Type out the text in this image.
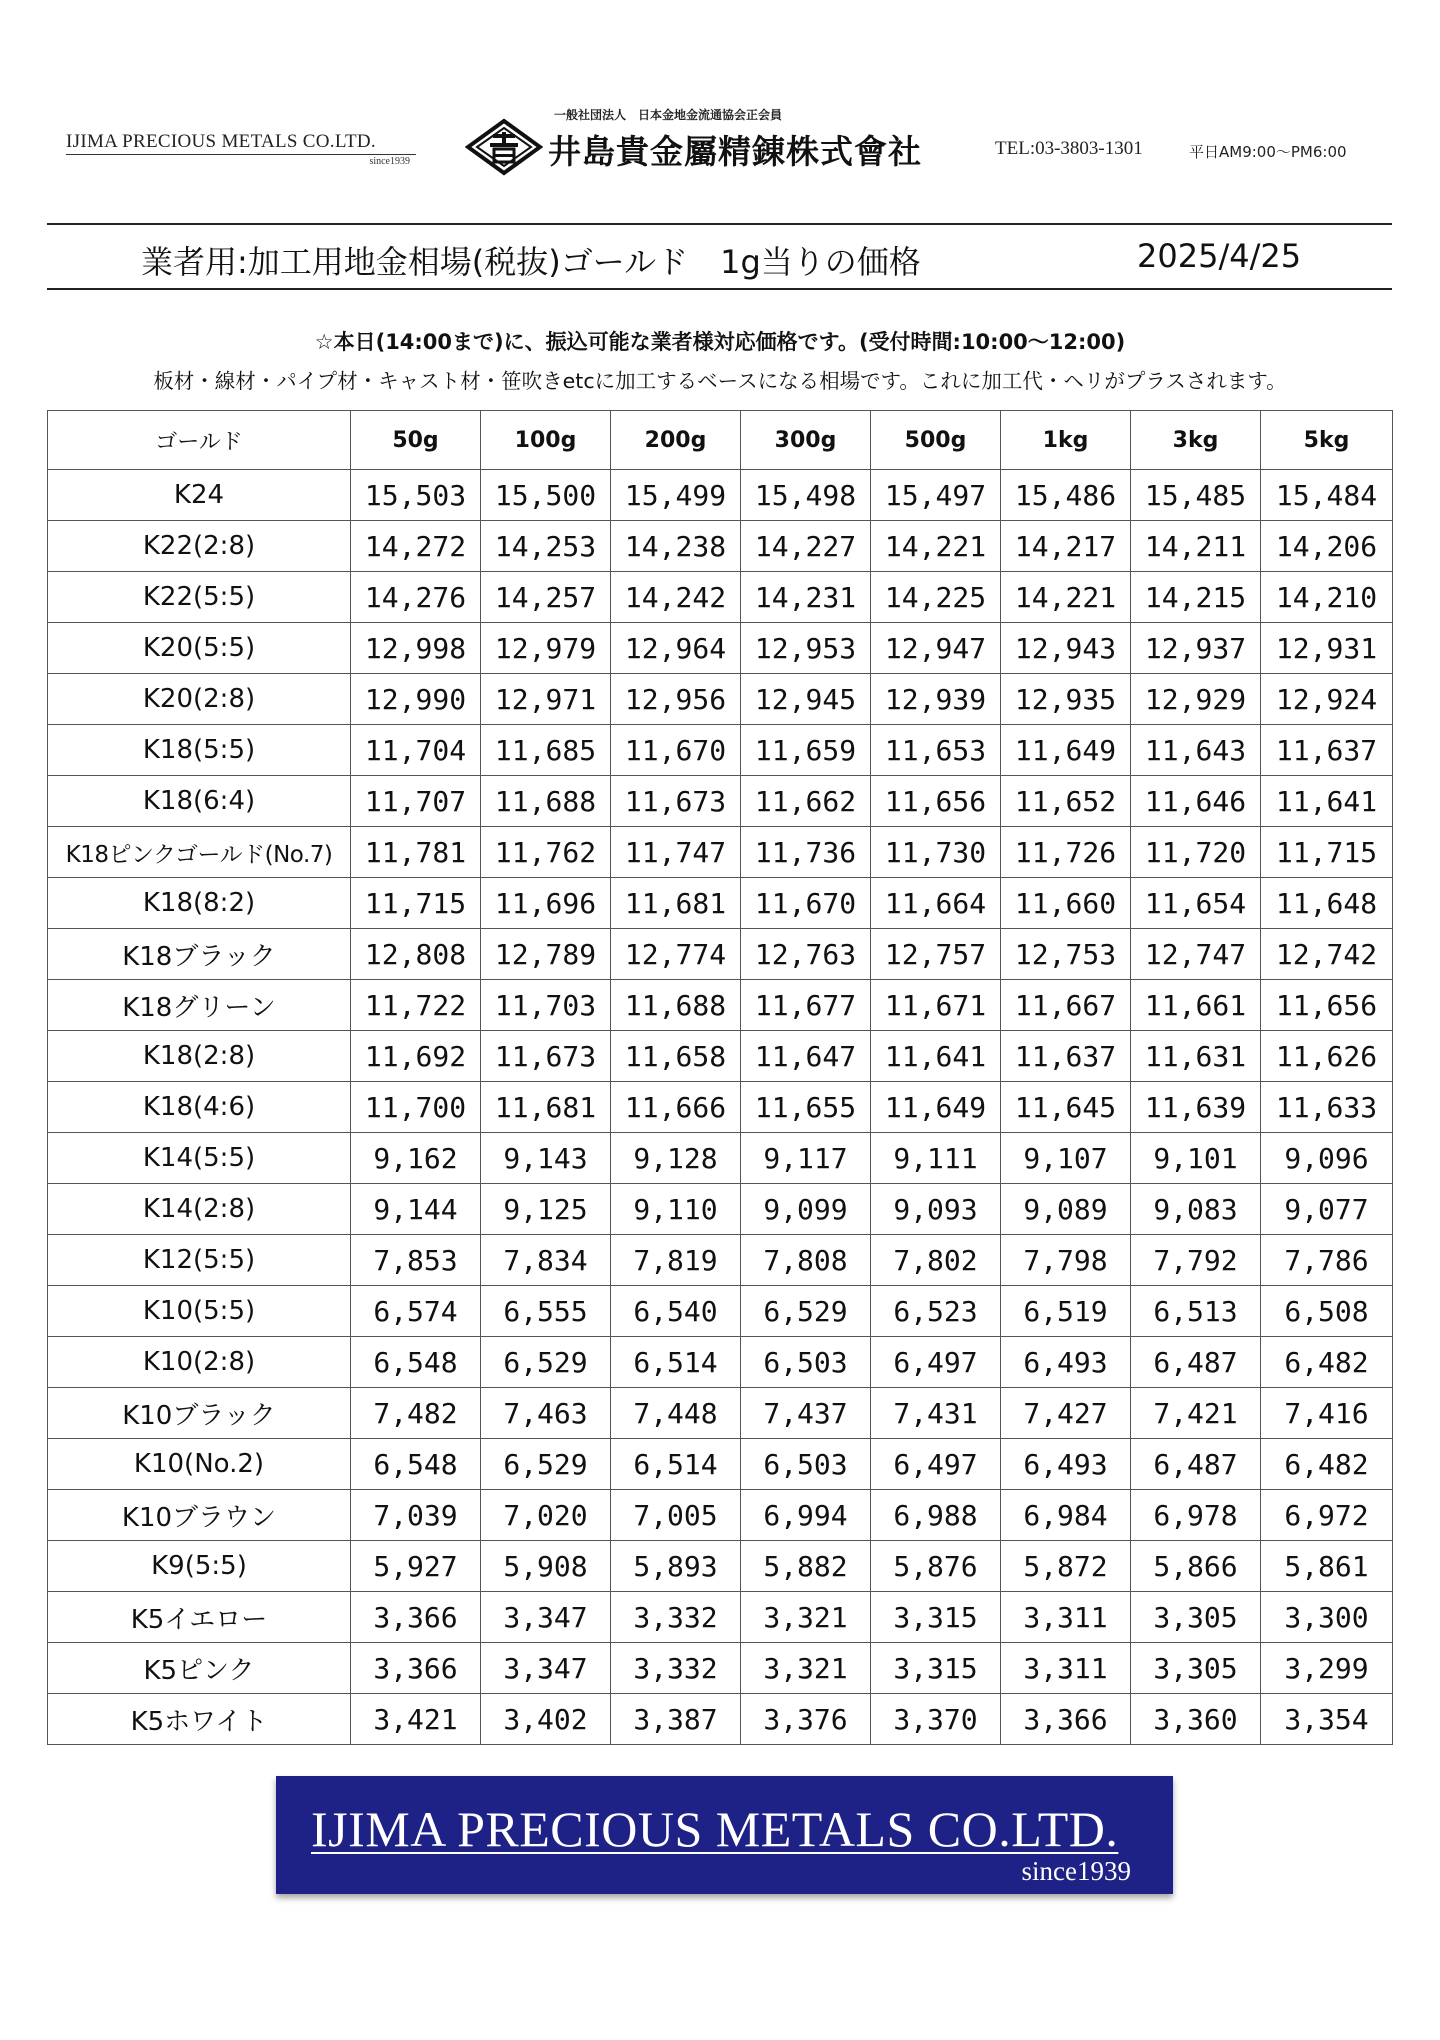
IJIMA PRECIOUS METALS CO.LTD.
since1939
一般社団法人　日本金地金流通協会正会員
井島貴金屬精錬株式會社	TEL:03-3803-1301	平日AM9:00～PM6:00
業者用:加工用地金相場(税抜)ゴールド　1g当りの価格	2025/4/25
☆本日(14:00まで)に、振込可能な業者様対応価格です。(受付時間:10:00～12:00)
板材・線材・パイプ材・キャスト材・笹吹きetcに加工するベースになる相場です。これに加工代・ヘリがプラスされます。
ゴールド	50g	100g	200g	300g	500g	1kg	3kg	5kg
K24	15,503	15,500	15,499	15,498	15,497	15,486	15,485	15,484
K22(2:8)	14,272	14,253	14,238	14,227	14,221	14,217	14,211	14,206
K22(5:5)	14,276	14,257	14,242	14,231	14,225	14,221	14,215	14,210
K20(5:5)	12,998	12,979	12,964	12,953	12,947	12,943	12,937	12,931
K20(2:8)	12,990	12,971	12,956	12,945	12,939	12,935	12,929	12,924
K18(5:5)	11,704	11,685	11,670	11,659	11,653	11,649	11,643	11,637
K18(6:4)	11,707	11,688	11,673	11,662	11,656	11,652	11,646	11,641
K18ピンクゴールド(No.7)	11,781	11,762	11,747	11,736	11,730	11,726	11,720	11,715
K18(8:2)	11,715	11,696	11,681	11,670	11,664	11,660	11,654	11,648
K18ブラック	12,808	12,789	12,774	12,763	12,757	12,753	12,747	12,742
K18グリーン	11,722	11,703	11,688	11,677	11,671	11,667	11,661	11,656
K18(2:8)	11,692	11,673	11,658	11,647	11,641	11,637	11,631	11,626
K18(4:6)	11,700	11,681	11,666	11,655	11,649	11,645	11,639	11,633
K14(5:5)	9,162	9,143	9,128	9,117	9,111	9,107	9,101	9,096
K14(2:8)	9,144	9,125	9,110	9,099	9,093	9,089	9,083	9,077
K12(5:5)	7,853	7,834	7,819	7,808	7,802	7,798	7,792	7,786
K10(5:5)	6,574	6,555	6,540	6,529	6,523	6,519	6,513	6,508
K10(2:8)	6,548	6,529	6,514	6,503	6,497	6,493	6,487	6,482
K10ブラック	7,482	7,463	7,448	7,437	7,431	7,427	7,421	7,416
K10(No.2)	6,548	6,529	6,514	6,503	6,497	6,493	6,487	6,482
K10ブラウン	7,039	7,020	7,005	6,994	6,988	6,984	6,978	6,972
K9(5:5)	5,927	5,908	5,893	5,882	5,876	5,872	5,866	5,861
K5イエロー	3,366	3,347	3,332	3,321	3,315	3,311	3,305	3,300
K5ピンク	3,366	3,347	3,332	3,321	3,315	3,311	3,305	3,299
K5ホワイト	3,421	3,402	3,387	3,376	3,370	3,366	3,360	3,354
IJIMA PRECIOUS METALS CO.LTD.
since1939
